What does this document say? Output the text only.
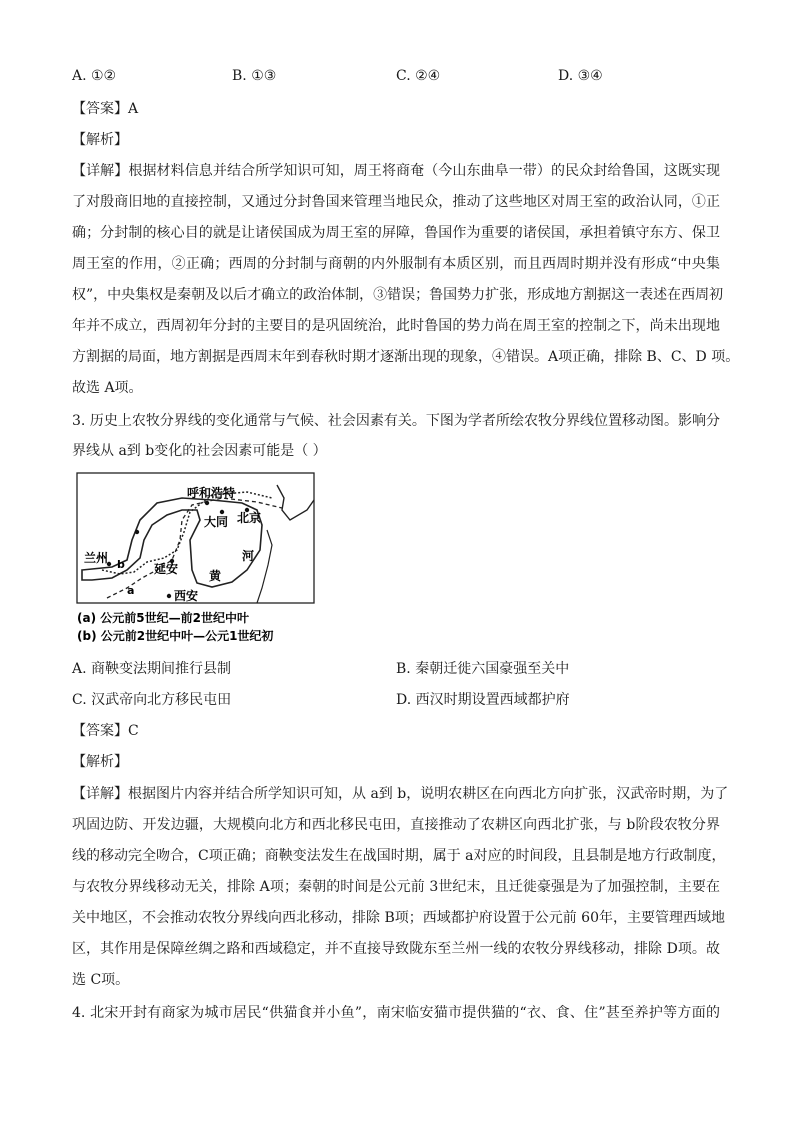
A. ①②	B. ①③	C. ②④	D. ③④
【答案】A
【解析】
【详解】根据材料信息并结合所学知识可知，周王将商奄（今山东曲阜一带）的民众封给鲁国，这既实现
了对殷商旧地的直接控制，又通过分封鲁国来管理当地民众，推动了这些地区对周王室的政治认同，①正
确；分封制的核心目的就是让诸侯国成为周王室的屏障，鲁国作为重要的诸侯国，承担着镇守东方、保卫
周王室的作用，②正确；西周的分封制与商朝的内外服制有本质区别，而且西周时期并没有形成“中央集
权”，中央集权是秦朝及以后才确立的政治体制，③错误；鲁国势力扩张，形成地方割据这一表述在西周初
年并不成立，西周初年分封的主要目的是巩固统治，此时鲁国的势力尚在周王室的控制之下，尚未出现地
方割据的局面，地方割据是西周末年到春秋时期才逐渐出现的现象，④错误。A项正确，排除 B、C、D 项。
故选 A项。
3. 历史上农牧分界线的变化通常与气候、社会因素有关。下图为学者所绘农牧分界线位置移动图。影响分
界线从 a到 b变化的社会因素可能是（ ）
呼和浩特
大同 北京
兰州
延安	黄
河
西安
b
a
(a) 公元前5世纪—前2世纪中叶
(b) 公元前2世纪中叶—公元1世纪初
A. 商鞅变法期间推行县制	B. 秦朝迁徙六国豪强至关中
C. 汉武帝向北方移民屯田	D. 西汉时期设置西域都护府
【答案】C
【解析】
【详解】根据图片内容并结合所学知识可知，从 a到 b，说明农耕区在向西北方向扩张，汉武帝时期，为了
巩固边防、开发边疆，大规模向北方和西北移民屯田，直接推动了农耕区向西北扩张，与 b阶段农牧分界
线的移动完全吻合，C项正确；商鞅变法发生在战国时期，属于 a对应的时间段，且县制是地方行政制度，
与农牧分界线移动无关，排除 A项；秦朝的时间是公元前 3世纪末，且迁徙豪强是为了加强控制，主要在
关中地区，不会推动农牧分界线向西北移动，排除 B项；西域都护府设置于公元前 60年，主要管理西域地
区，其作用是保障丝绸之路和西域稳定，并不直接导致陇东至兰州一线的农牧分界线移动，排除 D项。故
选 C项。
4. 北宋开封有商家为城市居民“供猫食并小鱼”，南宋临安猫市提供猫的“衣、食、住”甚至养护等方面的
